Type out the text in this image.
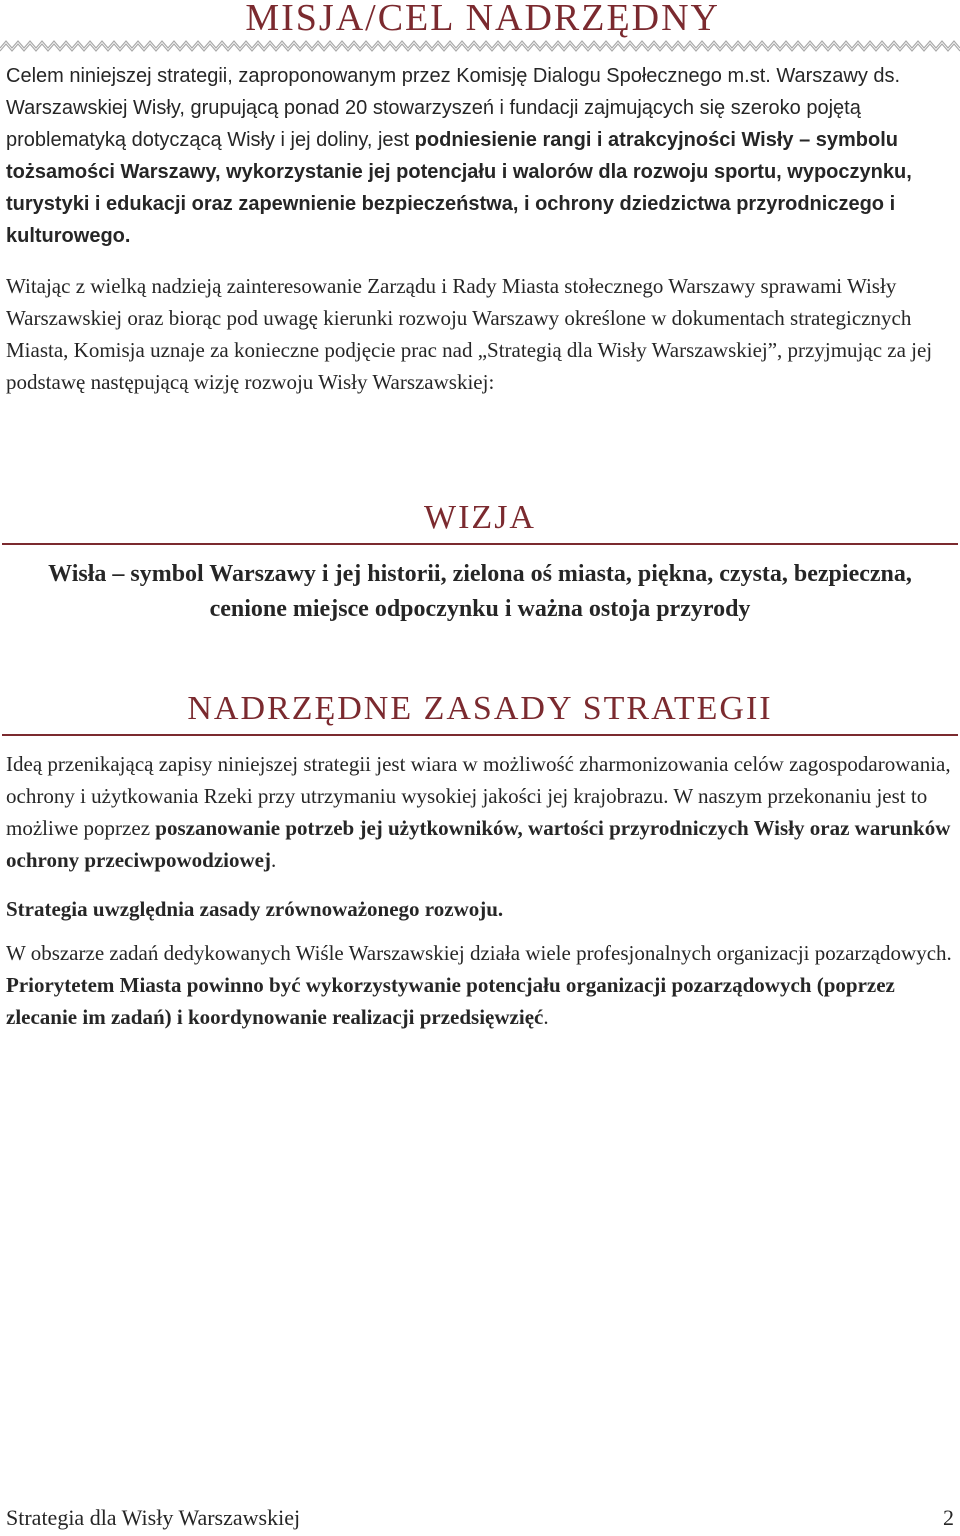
MISJA/CEL NADRZĘDNY

Celem niniejszej strategii, zaproponowanym przez Komisję Dialogu Społecznego m.st. Warszawy ds. Warszawskiej Wisły, grupującą ponad 20 stowarzyszeń i fundacji zajmujących się szeroko pojętą problematyką dotyczącą Wisły i jej doliny, jest podniesienie rangi i atrakcyjności Wisły – symbolu tożsamości Warszawy, wykorzystanie jej potencjału i walorów dla rozwoju sportu, wypoczynku, turystyki i edukacji oraz zapewnienie bezpieczeństwa, i ochrony dziedzictwa przyrodniczego i kulturowego.

Witając z wielką nadzieją zainteresowanie Zarządu i Rady Miasta stołecznego Warszawy sprawami Wisły Warszawskiej oraz biorąc pod uwagę kierunki rozwoju Warszawy określone w dokumentach strategicznych Miasta, Komisja uznaje za konieczne podjęcie prac nad „Strategią dla Wisły Warszawskiej”, przyjmując za jej podstawę następującą wizję rozwoju Wisły Warszawskiej:

WIZJA

Wisła – symbol Warszawy i jej historii, zielona oś miasta, piękna, czysta, bezpieczna, cenione miejsce odpoczynku i ważna ostoja przyrody

NADRZĘDNE ZASADY STRATEGII

Ideą przenikającą zapisy niniejszej strategii jest wiara w możliwość zharmonizowania celów zagospodarowania, ochrony i użytkowania Rzeki przy utrzymaniu wysokiej jakości jej krajobrazu. W naszym przekonaniu jest to możliwe poprzez poszanowanie potrzeb jej użytkowników, wartości przyrodniczych Wisły oraz warunków ochrony przeciwpowodziowej.

Strategia uwzględnia zasady zrównoważonego rozwoju.

W obszarze zadań dedykowanych Wiśle Warszawskiej działa wiele profesjonalnych organizacji pozarządowych. Priorytetem Miasta powinno być wykorzystywanie potencjału organizacji pozarządowych (poprzez zlecanie im zadań) i koordynowanie realizacji przedsięwzięć.

Strategia dla Wisły Warszawskiej	2
